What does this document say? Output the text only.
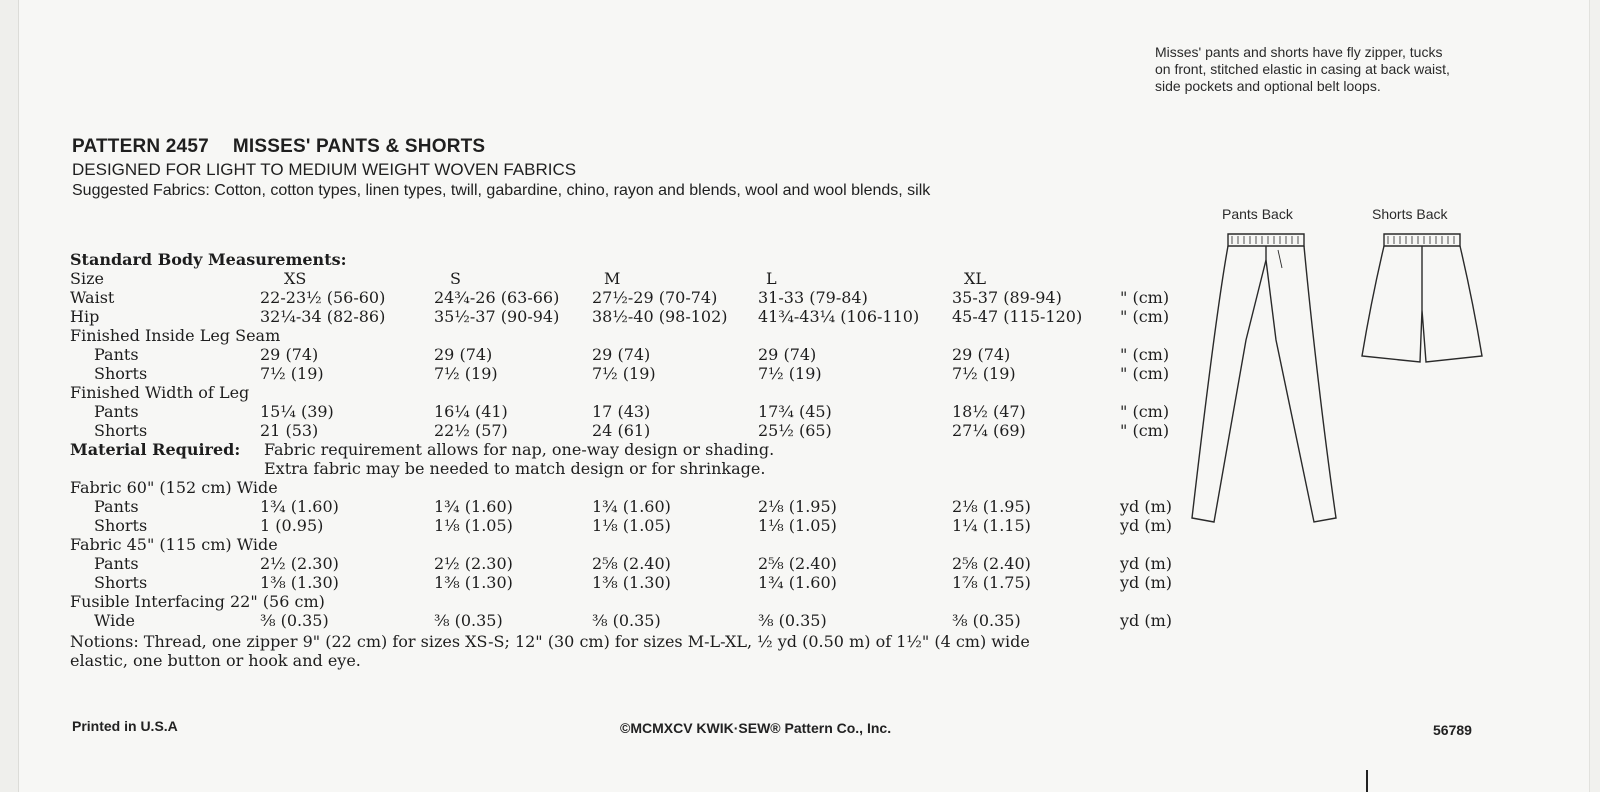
Misses' pants and shorts have fly zipper, tucks
on front, stitched elastic in casing at back waist,
side pockets and optional belt loops.
PATTERN 2457 MISSES' PANTS & SHORTS
DESIGNED FOR LIGHT TO MEDIUM WEIGHT WOVEN FABRICS
Suggested Fabrics: Cotton, cotton types, linen types, twill, gabardine, chino, rayon and blends, wool and wool blends, silk
Standard Body Measurements:
Size	XS	S	M	L	XL
Waist	22-23½ (56-60)	24¾-26 (63-66) 27½-29 (70-74)	31-33 (79-84)	35-37 (89-94)	" (cm)
Hip	32¼-34 (82-86)	35½-37 (90-94) 38½-40 (98-102) 41¾-43¼ (106-110) 45-47 (115-120) " (cm)
Finished Inside Leg Seam
Pants	29 (74)	29 (74)	29 (74)	29 (74)	29 (74)	" (cm)
Shorts	7½ (19)	7½ (19)	7½ (19)	7½ (19)	7½ (19)	" (cm)
Finished Width of Leg
Pants	15¼ (39)	16¼ (41)	17 (43)	17¾ (45)	18½ (47)	" (cm)
Shorts	21 (53)	22½ (57)	24 (61)	25½ (65)	27¼ (69)	" (cm)
Material Required: Fabric requirement allows for nap, one-way design or shading.
Extra fabric may be needed to match design or for shrinkage.
Fabric 60" (152 cm) Wide
Pants	1¾ (1.60)	1¾ (1.60)	1¾ (1.60)	2⅛ (1.95)	2⅛ (1.95)	yd (m)
Shorts	1 (0.95)	1⅛ (1.05)	1⅛ (1.05)	1⅛ (1.05)	1¼ (1.15)	yd (m)
Fabric 45" (115 cm) Wide
Pants	2½ (2.30)	2½ (2.30)	2⅝ (2.40)	2⅝ (2.40)	2⅝ (2.40)	yd (m)
Shorts	1⅜ (1.30)	1⅜ (1.30)	1⅜ (1.30)	1¾ (1.60)	1⅞ (1.75)	yd (m)
Fusible Interfacing 22" (56 cm)
Wide	⅜ (0.35)	⅜ (0.35)	⅜ (0.35)	⅜ (0.35)	⅜ (0.35)	yd (m)
Notions: Thread, one zipper 9" (22 cm) for sizes XS-S; 12" (30 cm) for sizes M-L-XL, ½ yd (0.50 m) of 1½" (4 cm) wide
elastic, one button or hook and eye.
Pants Back	Shorts Back
Printed in U.S.A	©MCMXCV KWIK·SEW® Pattern Co., Inc.	56789
